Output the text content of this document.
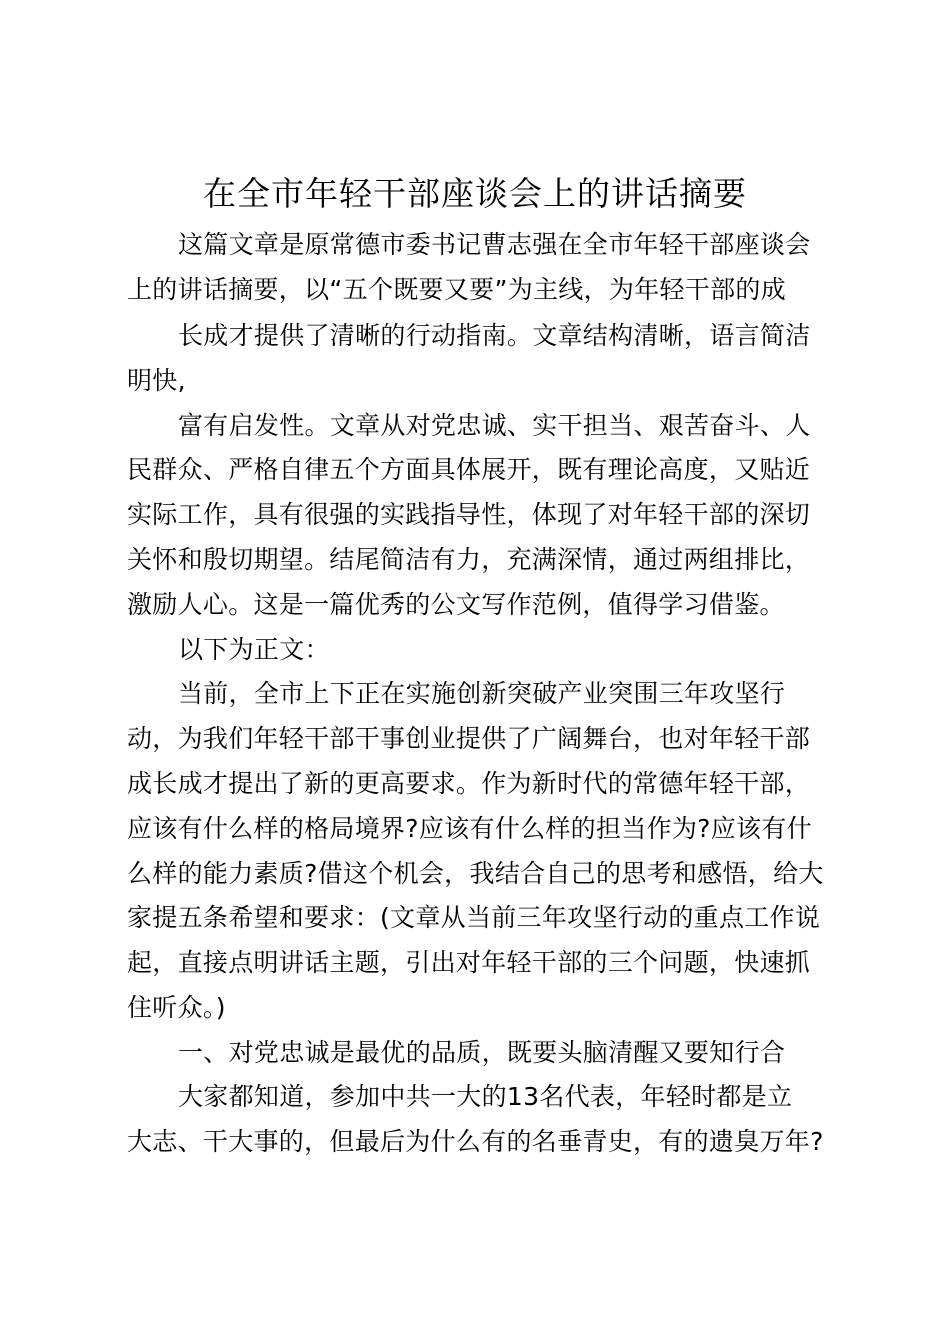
在全市年轻干部座谈会上的讲话摘要
这篇文章是原常德市委书记曹志强在全市年轻干部座谈会
上的讲话摘要，以“五个既要又要”为主线，为年轻干部的成
长成才提供了清晰的行动指南。文章结构清晰，语言简洁
明快,
富有启发性。文章从对党忠诚、实干担当、艰苦奋斗、人
民群众、严格自律五个方面具体展开，既有理论高度，又贴近
实际工作，具有很强的实践指导性，体现了对年轻干部的深切
关怀和殷切期望。结尾简洁有力，充满深情，通过两组排比，
激励人心。这是一篇优秀的公文写作范例，值得学习借鉴。
以下为正文：
当前，全市上下正在实施创新突破产业突围三年攻坚行
动，为我们年轻干部干事创业提供了广阔舞台，也对年轻干部
成长成才提出了新的更高要求。作为新时代的常德年轻干部，
应该有什么样的格局境界?应该有什么样的担当作为?应该有什
么样的能力素质?借这个机会，我结合自己的思考和感悟，给大
家提五条希望和要求：(文章从当前三年攻坚行动的重点工作说
起，直接点明讲话主题，引出对年轻干部的三个问题，快速抓
住听众。)
一、对党忠诚是最优的品质，既要头脑清醒又要知行合
大家都知道，参加中共一大的13名代表，年轻时都是立
大志、干大事的，但最后为什么有的名垂青史，有的遗臭万年?
